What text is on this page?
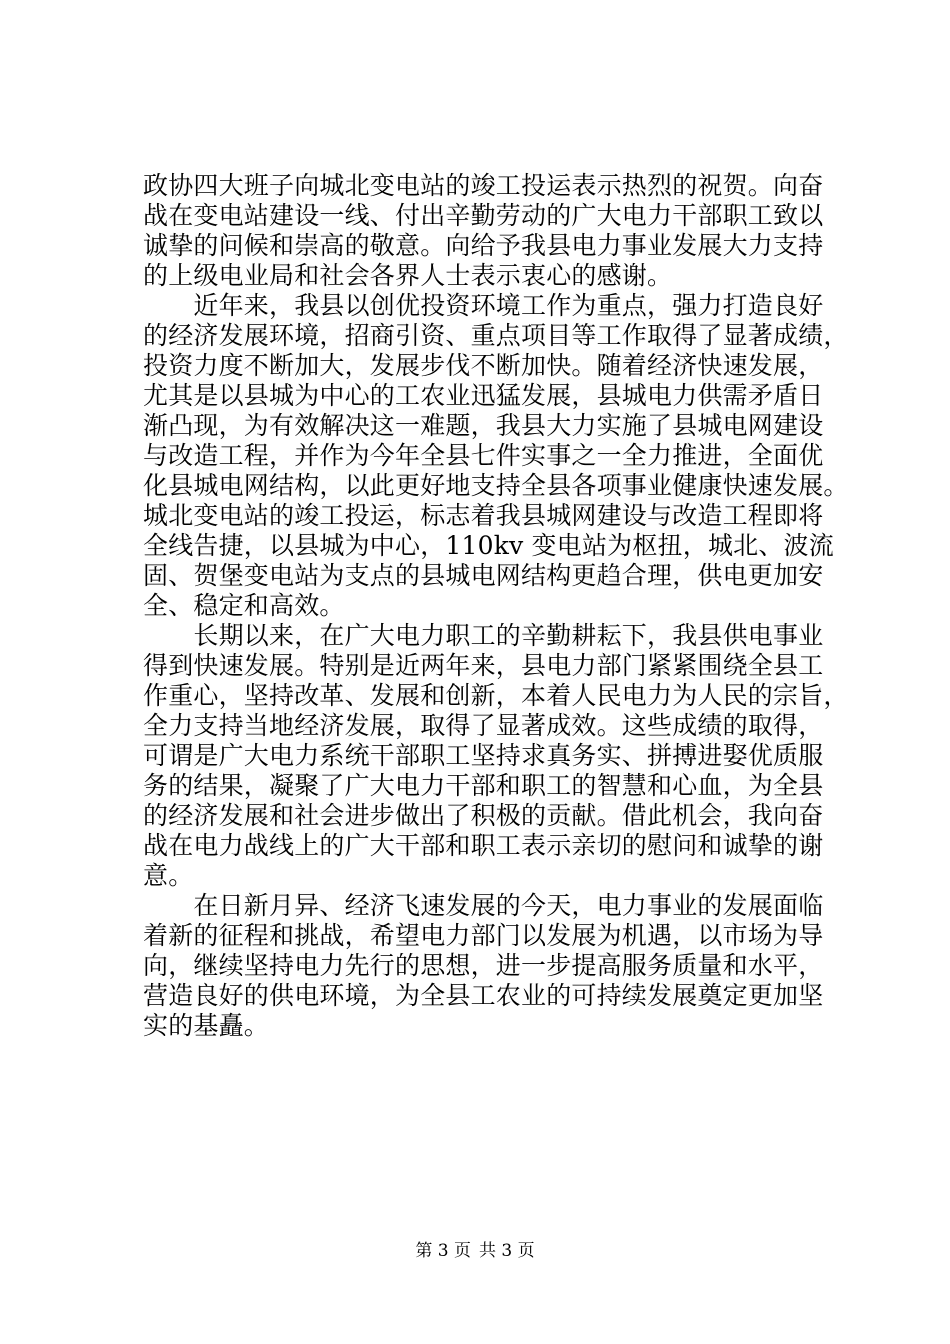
政协四大班子向城北变电站的竣工投运表示热烈的祝贺。向奋
战在变电站建设一线、付出辛勤劳动的广大电力干部职工致以
诚挚的问候和崇高的敬意。向给予我县电力事业发展大力支持
的上级电业局和社会各界人士表示衷心的感谢。
　　近年来，我县以创优投资环境工作为重点，强力打造良好
的经济发展环境，招商引资、重点项目等工作取得了显著成绩，
投资力度不断加大，发展步伐不断加快。随着经济快速发展，
尤其是以县城为中心的工农业迅猛发展，县城电力供需矛盾日
渐凸现，为有效解决这一难题，我县大力实施了县城电网建设
与改造工程，并作为今年全县七件实事之一全力推进，全面优
化县城电网结构，以此更好地支持全县各项事业健康快速发展。
城北变电站的竣工投运，标志着我县城网建设与改造工程即将
全线告捷，以县城为中心，110kv 变电站为枢扭，城北、波流
固、贺堡变电站为支点的县城电网结构更趋合理，供电更加安
全、稳定和高效。
　　长期以来，在广大电力职工的辛勤耕耘下，我县供电事业
得到快速发展。特别是近两年来，县电力部门紧紧围绕全县工
作重心，坚持改革、发展和创新，本着人民电力为人民的宗旨，
全力支持当地经济发展，取得了显著成效。这些成绩的取得，
可谓是广大电力系统干部职工坚持求真务实、拼搏进娶优质服
务的结果，凝聚了广大电力干部和职工的智慧和心血，为全县
的经济发展和社会进步做出了积极的贡献。借此机会，我向奋
战在电力战线上的广大干部和职工表示亲切的慰问和诚挚的谢
意。
　　在日新月异、经济飞速发展的今天，电力事业的发展面临
着新的征程和挑战，希望电力部门以发展为机遇，以市场为导
向，继续坚持电力先行的思想，进一步提高服务质量和水平，
营造良好的供电环境，为全县工农业的可持续发展奠定更加坚
实的基矗。
第 3 页 共 3 页
